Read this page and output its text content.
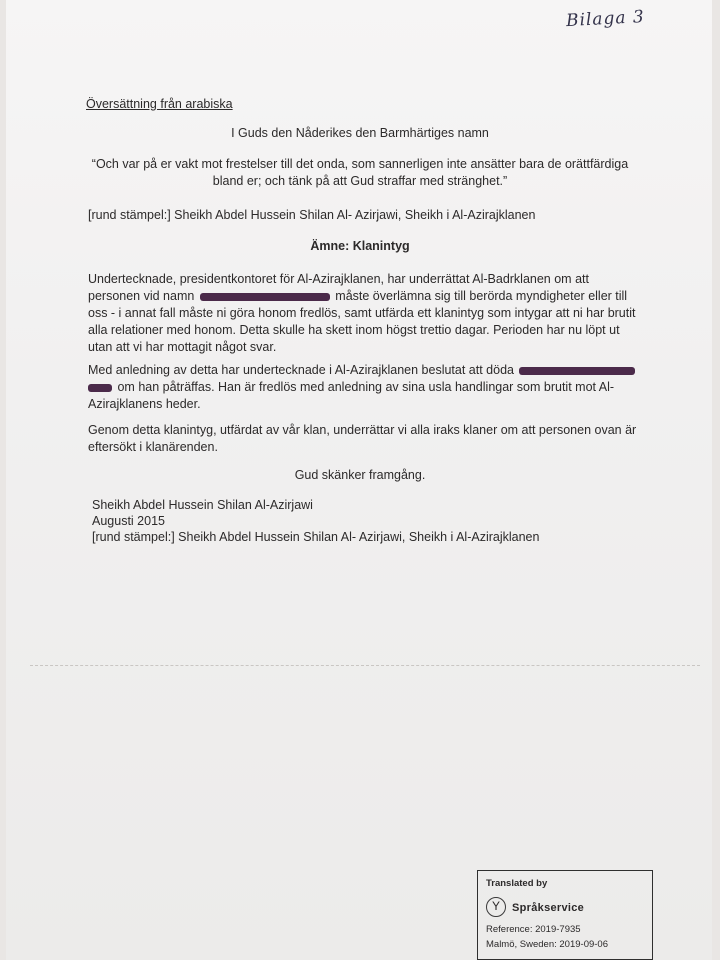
Bilaga 3
Översättning från arabiska
I Guds den Nåderikes den Barmhärtiges namn
“Och var på er vakt mot frestelser till det onda, som sannerligen inte ansätter bara de orättfärdiga
bland er; och tänk på att Gud straffar med stränghet.”
[rund stämpel:] Sheikh Abdel Hussein Shilan Al- Azirjawi, Sheikh i Al-Azirajklanen
Ämne: Klanintyg
Undertecknade, presidentkontoret för Al-Azirajklanen, har underrättat Al-Badrklanen om att
personen vid namn	måste överlämna sig till berörda myndigheter eller till
oss - i annat fall måste ni göra honom fredlös, samt utfärda ett klanintyg som intygar att ni har brutit
alla relationer med honom. Detta skulle ha skett inom högst trettio dagar. Perioden har nu löpt ut
utan att vi har mottagit något svar.
Med anledning av detta har undertecknade i Al-Azirajklanen beslutat att döda
om han påträffas. Han är fredlös med anledning av sina usla handlingar som brutit mot Al-
Azirajklanens heder.
Genom detta klanintyg, utfärdat av vår klan, underrättar vi alla iraks klaner om att personen ovan är
eftersökt i klanärenden.
Gud skänker framgång.
Sheikh Abdel Hussein Shilan Al-Azirjawi
Augusti 2015
[rund stämpel:] Sheikh Abdel Hussein Shilan Al- Azirjawi, Sheikh i Al-Azirajklanen
Translated by
Y	Språkservice
Reference: 2019-7935
Malmö, Sweden: 2019-09-06
